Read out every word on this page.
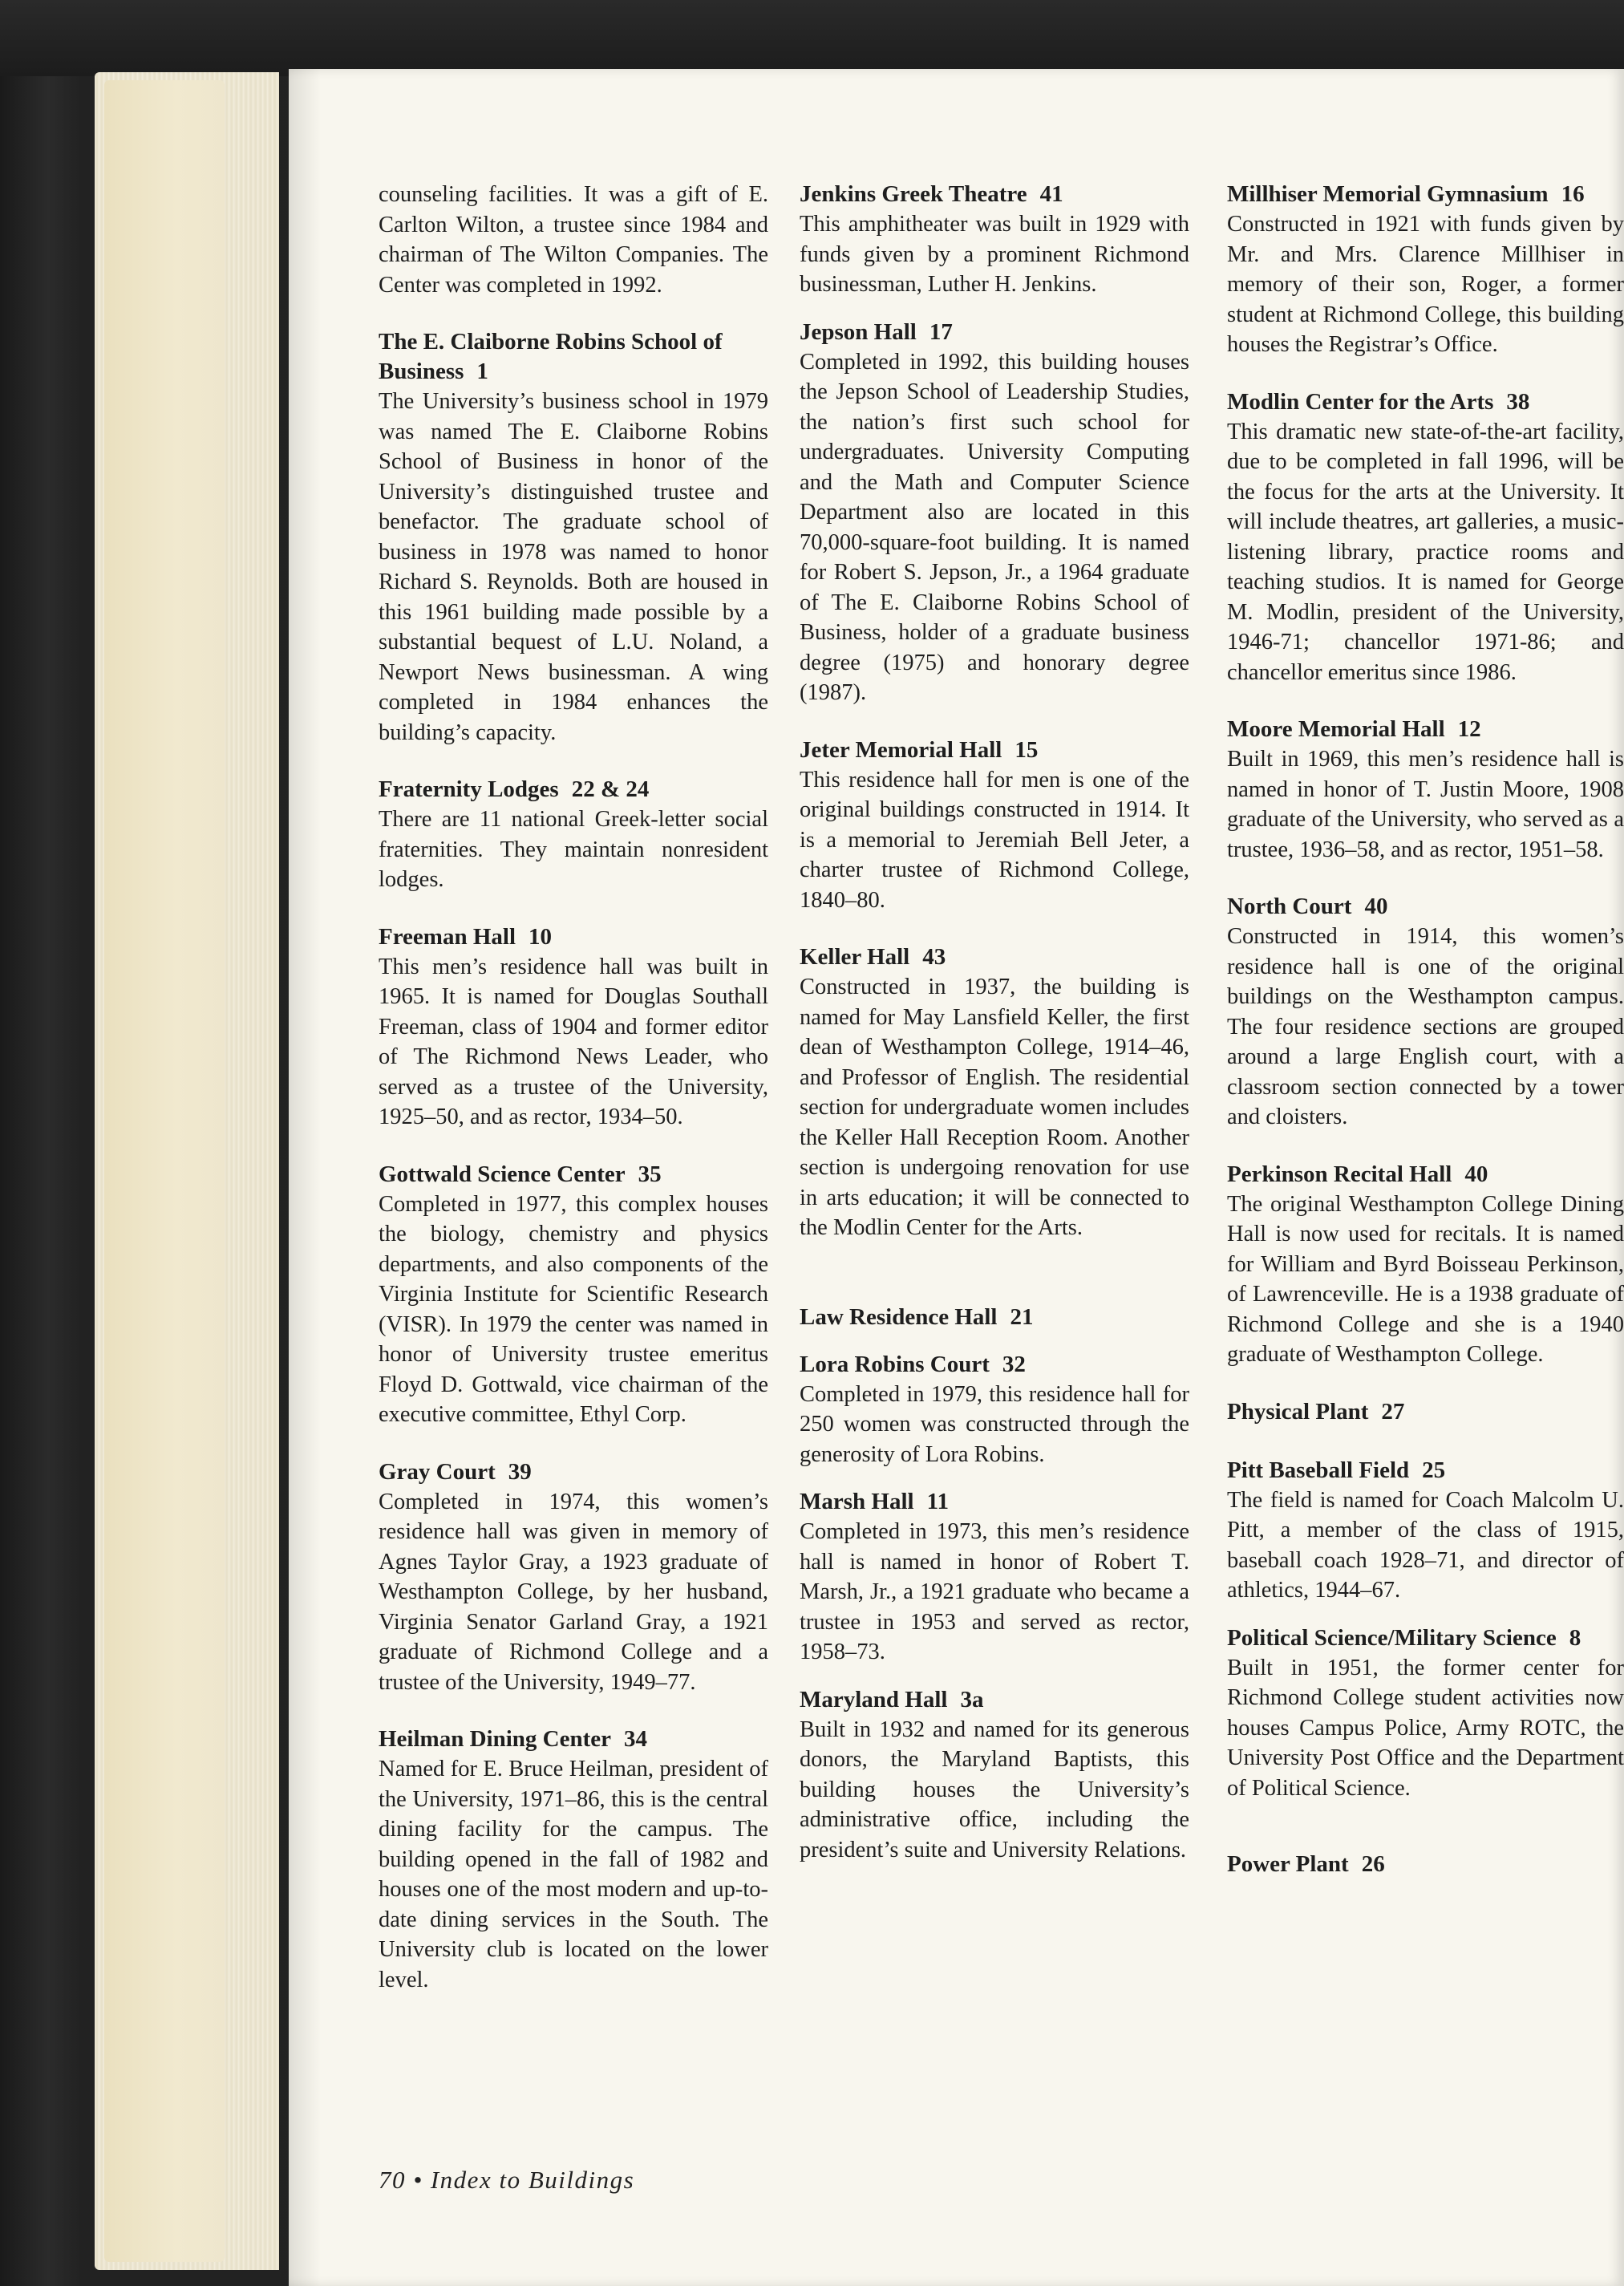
counseling facilities. It was a gift of E. Carlton Wilton, a trustee since 1984 and chairman of The Wilton Companies. The Center was completed in 1992.
The E. Claiborne Robins School of Business 1
The University’s business school in 1979 was named The E. Claiborne Robins School of Business in honor of the University’s distinguished trustee and benefactor. The graduate school of business in 1978 was named to honor Richard S. Reynolds. Both are housed in this 1961 building made possible by a substantial bequest of L.U. Noland, a Newport News businessman. A wing completed in 1984 enhances the building’s capacity.
Fraternity Lodges 22 & 24
There are 11 national Greek-letter social fraternities. They maintain nonresident lodges.
Freeman Hall 10
This men’s residence hall was built in 1965. It is named for Douglas Southall Freeman, class of 1904 and former editor of The Richmond News Leader, who served as a trustee of the University, 1925–50, and as rector, 1934–50.
Gottwald Science Center 35
Completed in 1977, this complex houses the biology, chemistry and physics departments, and also components of the Virginia Institute for Scientific Research (VISR). In 1979 the center was named in honor of University trustee emeritus Floyd D. Gottwald, vice chairman of the executive committee, Ethyl Corp.
Gray Court 39
Completed in 1974, this women’s residence hall was given in memory of Agnes Taylor Gray, a 1923 graduate of Westhampton College, by her husband, Virginia Senator Garland Gray, a 1921 graduate of Richmond College and a trustee of the University, 1949–77.
Heilman Dining Center 34
Named for E. Bruce Heilman, president of the University, 1971–86, this is the central dining facility for the campus. The building opened in the fall of 1982 and houses one of the most modern and up-to-date dining services in the South. The University club is located on the lower level.
Jenkins Greek Theatre 41
This amphitheater was built in 1929 with funds given by a prominent Richmond businessman, Luther H. Jenkins.
Jepson Hall 17
Completed in 1992, this building houses the Jepson School of Leadership Studies, the nation’s first such school for undergraduates. University Computing and the Math and Computer Science Department also are located in this 70,000-square-foot building. It is named for Robert S. Jepson, Jr., a 1964 graduate of The E. Claiborne Robins School of Business, holder of a graduate business degree (1975) and honorary degree (1987).
Jeter Memorial Hall 15
This residence hall for men is one of the original buildings constructed in 1914. It is a memorial to Jeremiah Bell Jeter, a charter trustee of Richmond College, 1840–80.
Keller Hall 43
Constructed in 1937, the building is named for May Lansfield Keller, the first dean of Westhampton College, 1914–46, and Professor of English. The residential section for undergraduate women includes the Keller Hall Reception Room. Another section is undergoing renovation for use in arts education; it will be connected to the Modlin Center for the Arts.
Law Residence Hall 21
Lora Robins Court 32
Completed in 1979, this residence hall for 250 women was constructed through the generosity of Lora Robins.
Marsh Hall 11
Completed in 1973, this men’s residence hall is named in honor of Robert T. Marsh, Jr., a 1921 graduate who became a trustee in 1953 and served as rector, 1958–73.
Maryland Hall 3a
Built in 1932 and named for its generous donors, the Maryland Baptists, this building houses the University’s administrative office, including the president’s suite and University Relations.
Millhiser Memorial Gymnasium 16
Constructed in 1921 with funds given by Mr. and Mrs. Clarence Millhiser in memory of their son, Roger, a former student at Richmond College, this building houses the Registrar’s Office.
Modlin Center for the Arts 38
This dramatic new state-of-the-art facility, due to be completed in fall 1996, will be the focus for the arts at the University. It will include theatres, art galleries, a music-listening library, practice rooms and teaching studios. It is named for George M. Modlin, president of the University, 1946-71; chancellor 1971-86; and chancellor emeritus since 1986.
Moore Memorial Hall 12
Built in 1969, this men’s residence hall is named in honor of T. Justin Moore, 1908 graduate of the University, who served as a trustee, 1936–58, and as rector, 1951–58.
North Court 40
Constructed in 1914, this women’s residence hall is one of the original buildings on the Westhampton campus. The four residence sections are grouped around a large English court, with a classroom section connected by a tower and cloisters.
Perkinson Recital Hall 40
The original Westhampton College Dining Hall is now used for recitals. It is named for William and Byrd Boisseau Perkinson, of Lawrenceville. He is a 1938 graduate of Richmond College and she is a 1940 graduate of Westhampton College.
Physical Plant 27
Pitt Baseball Field 25
The field is named for Coach Malcolm U. Pitt, a member of the class of 1915, baseball coach 1928–71, and director of athletics, 1944–67.
Political Science/Military Science 8
Built in 1951, the former center for Richmond College student activities now houses Campus Police, Army ROTC, the University Post Office and the Department of Political Science.
Power Plant 26
70 • Index to Buildings
